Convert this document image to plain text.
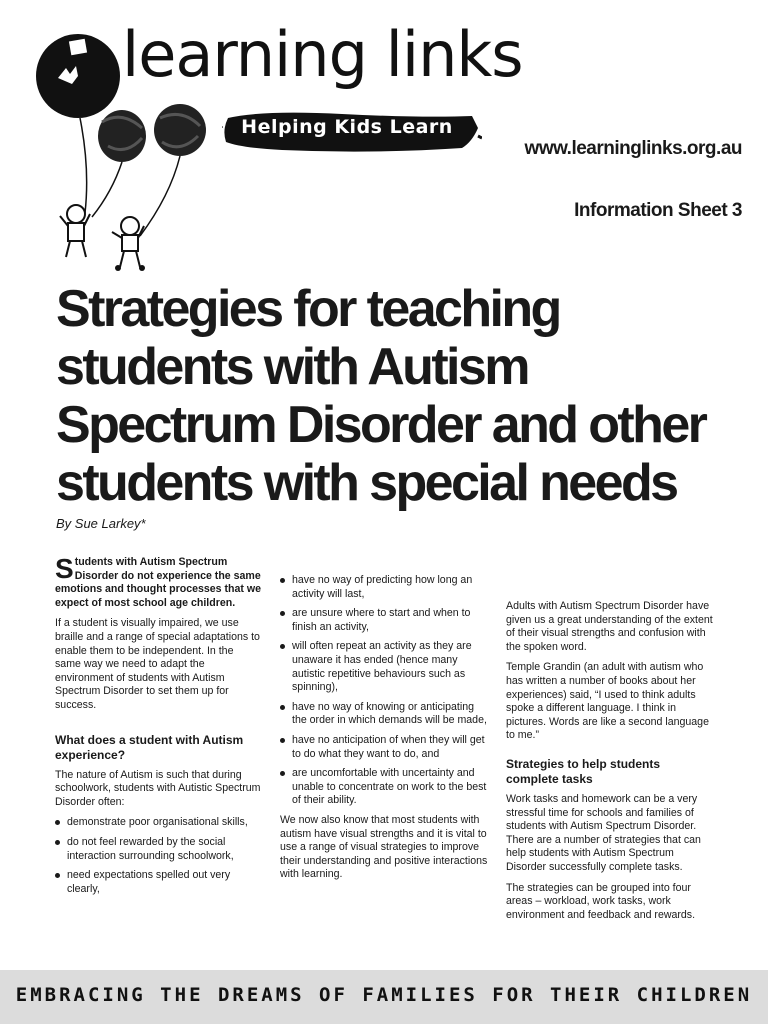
learning links
Helping Kids Learn
www.learninglinks.org.au
Information Sheet 3
Strategies for teaching students with Autism Spectrum Disorder and other students with special needs
By Sue Larkey*

Students with Autism Spectrum Disorder do not experience the same emotions and thought processes that we expect of most school age children.

If a student is visually impaired, we use braille and a range of special adaptations to enable them to be independent. In the same way we need to adapt the environment of students with Autism Spectrum Disorder to set them up for success.

What does a student with Autism experience?

The nature of Autism is such that during schoolwork, students with Autistic Spectrum Disorder often:

demonstrate poor organisational skills,
do not feel rewarded by the social interaction surrounding schoolwork,
need expectations spelled out very clearly,
have no way of predicting how long an activity will last,
are unsure where to start and when to finish an activity,
will often repeat an activity as they are unaware it has ended (hence many autistic repetitive behaviours such as spinning),
have no way of knowing or anticipating the order in which demands will be made,
have no anticipation of when they will get to do what they want to do, and
are uncomfortable with uncertainty and unable to concentrate on work to the best of their ability.

We now also know that most students with autism have visual strengths and it is vital to use a range of visual strategies to improve their understanding and positive interactions with learning.

Adults with Autism Spectrum Disorder have given us a great understanding of the extent of their visual strengths and confusion with the spoken word.

Temple Grandin (an adult with autism who has written a number of books about her experiences) said, “I used to think adults spoke a different language. I think in pictures. Words are like a second language to me.”

Strategies to help students complete tasks

Work tasks and homework can be a very stressful time for schools and families of students with Autism Spectrum Disorder. There are a number of strategies that can help students with Autism Spectrum Disorder successfully complete tasks.

The strategies can be grouped into four areas – workload, work tasks, work environment and feedback and rewards.

EMBRACING THE DREAMS OF FAMILIES FOR THEIR CHILDREN
